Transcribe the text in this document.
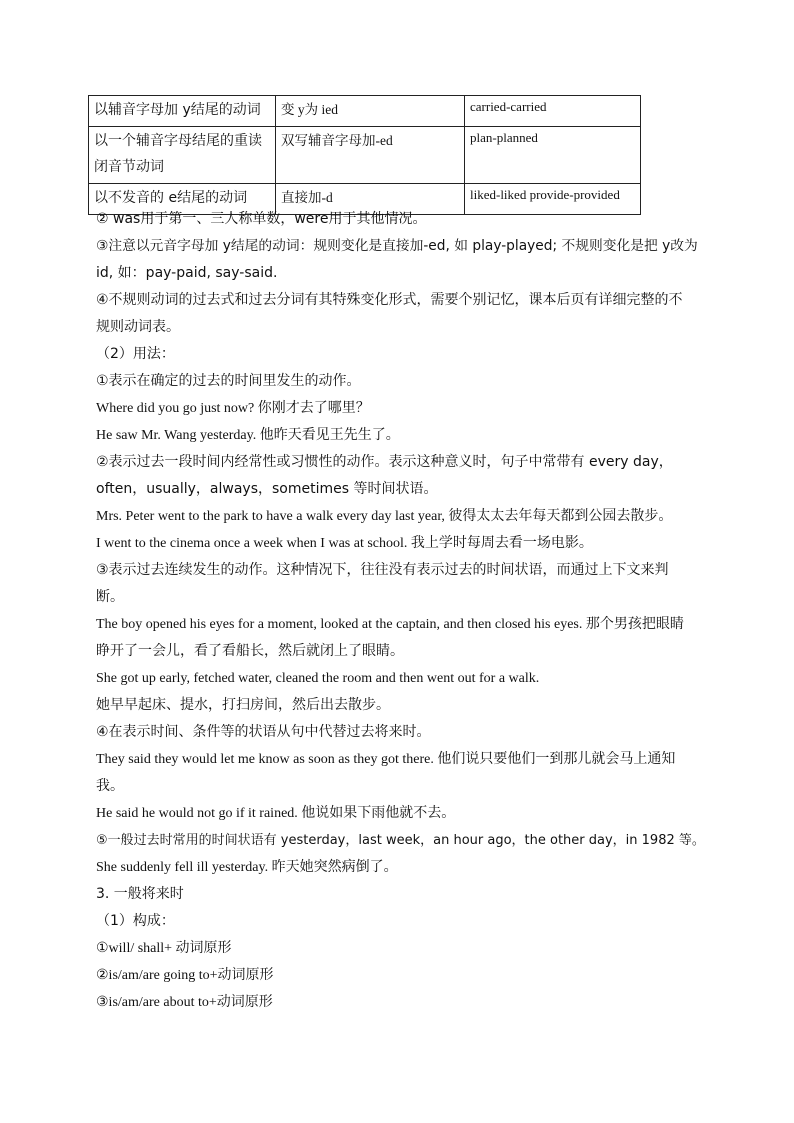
以辅音字母加 y结尾的动词	变 y为 ied	carried-carried
以一个辅音字母结尾的重读闭音节动词	双写辅音字母加-ed	plan-planned
以不发音的 e结尾的动词	直接加-d	liked-liked provide-provided
② was用于第一、三人称单数，were用于其他情况。
③注意以元音字母加 y结尾的动词：规则变化是直接加-ed, 如 play-played; 不规则变化是把 y改为
id, 如：pay-paid, say-said.
④不规则动词的过去式和过去分词有其特殊变化形式，需要个别记忆，课本后页有详细完整的不
规则动词表。
（2）用法：
①表示在确定的过去的时间里发生的动作。
Where did you go just now? 你刚才去了哪里？
He saw Mr. Wang yesterday. 他昨天看见王先生了。
②表示过去一段时间内经常性或习惯性的动作。表示这种意义时，句子中常带有 every day，
often，usually，always，sometimes 等时间状语。
Mrs. Peter went to the park to have a walk every day last year, 彼得太太去年每天都到公园去散步。
I went to the cinema once a week when I was at school. 我上学时每周去看一场电影。
③表示过去连续发生的动作。这种情况下，往往没有表示过去的时间状语，而通过上下文来判
断。
The boy opened his eyes for a moment, looked at the captain, and then closed his eyes. 那个男孩把眼睛
睁开了一会儿，看了看船长，然后就闭上了眼睛。
She got up early, fetched water, cleaned the room and then went out for a walk.
她早早起床、提水，打扫房间，然后出去散步。
④在表示时间、条件等的状语从句中代替过去将来时。
They said they would let me know as soon as they got there. 他们说只要他们一到那儿就会马上通知
我。
He said he would not go if it rained. 他说如果下雨他就不去。
⑤一般过去时常用的时间状语有 yesterday，last week，an hour ago，the other day，in 1982 等。
She suddenly fell ill yesterday. 昨天她突然病倒了。
3. 一般将来时
（1）构成：
①will/ shall+ 动词原形
②is/am/are going to+动词原形
③is/am/are about to+动词原形
